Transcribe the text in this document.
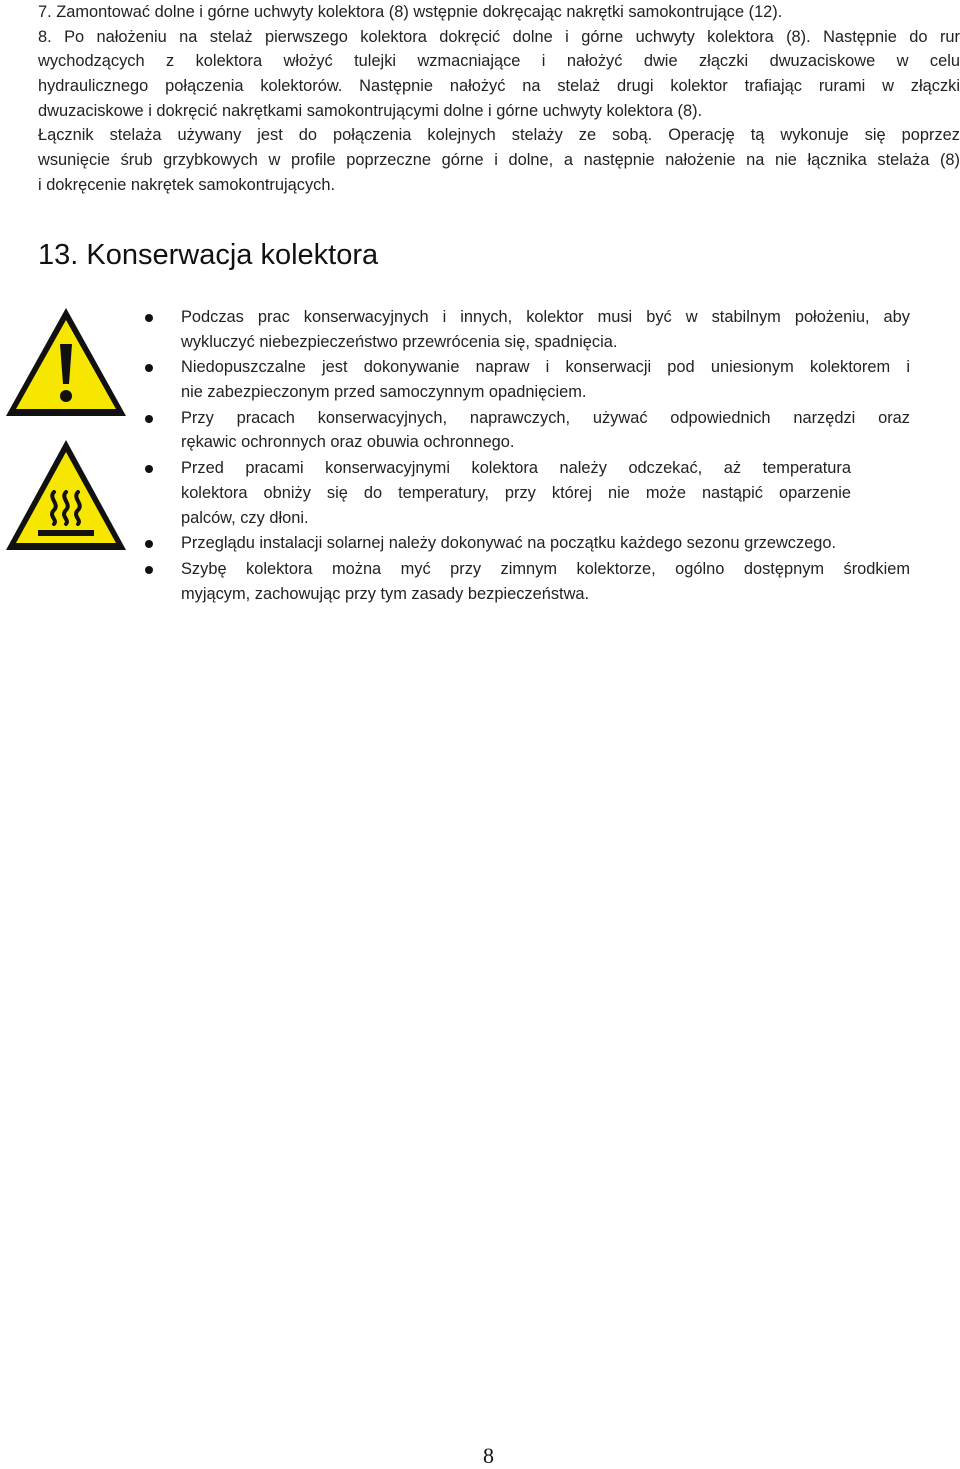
7. Zamontować dolne i górne uchwyty kolektora (8) wstępnie dokręcając nakrętki samokontrujące (12).
8. Po nałożeniu na stelaż pierwszego kolektora dokręcić dolne i górne uchwyty kolektora (8). Następnie do rur
wychodzących z kolektora włożyć tulejki wzmacniające i nałożyć dwie złączki dwuzaciskowe w celu
hydraulicznego połączenia kolektorów. Następnie nałożyć na stelaż drugi kolektor trafiając rurami w złączki
dwuzaciskowe i dokręcić nakrętkami samokontrującymi dolne i górne uchwyty kolektora (8).
Łącznik stelaża używany jest do połączenia kolejnych stelaży ze sobą. Operację tą wykonuje się poprzez
wsunięcie śrub grzybkowych w profile poprzeczne górne i dolne, a następnie nałożenie na nie łącznika stelaża (8)
i dokręcenie nakrętek samokontrujących.
13. Konserwacja kolektora
Podczas prac konserwacyjnych i innych, kolektor musi być w stabilnym położeniu, aby
wykluczyć niebezpieczeństwo przewrócenia się, spadnięcia.
Niedopuszczalne jest dokonywanie napraw i konserwacji pod uniesionym kolektorem i
nie zabezpieczonym przed samoczynnym opadnięciem.
Przy pracach konserwacyjnych, naprawczych, używać odpowiednich narzędzi oraz
rękawic ochronnych oraz obuwia ochronnego.
Przed pracami konserwacyjnymi kolektora należy odczekać, aż temperatura
kolektora obniży się do temperatury, przy której nie może nastąpić oparzenie
palców, czy dłoni.
Przeglądu instalacji solarnej należy dokonywać na początku każdego sezonu grzewczego.
Szybę kolektora można myć przy zimnym kolektorze, ogólno dostępnym środkiem
myjącym, zachowując przy tym zasady bezpieczeństwa.
8
